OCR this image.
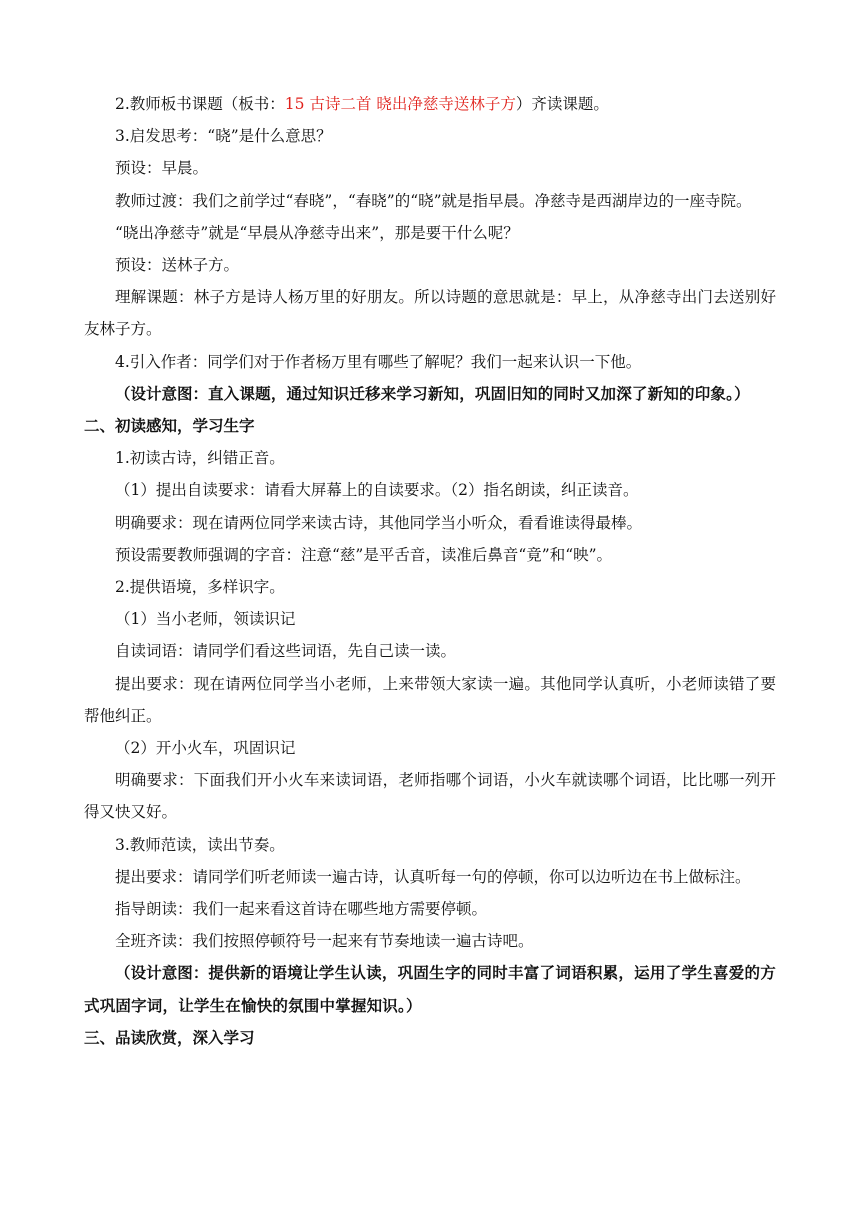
2.教师板书课题（板书：15 古诗二首 晓出净慈寺送林子方）齐读课题。

3.启发思考：“晓”是什么意思？

预设：早晨。

教师过渡：我们之前学过“春晓”，“春晓”的“晓”就是指早晨。净慈寺是西湖岸边的一座寺院。

“晓出净慈寺”就是“早晨从净慈寺出来”，那是要干什么呢？

预设：送林子方。

理解课题：林子方是诗人杨万里的好朋友。所以诗题的意思就是：早上，从净慈寺出门去送别好友林子方。

4.引入作者：同学们对于作者杨万里有哪些了解呢？我们一起来认识一下他。

（设计意图：直入课题，通过知识迁移来学习新知，巩固旧知的同时又加深了新知的印象。）

二、初读感知，学习生字

1.初读古诗，纠错正音。

（1）提出自读要求：请看大屏幕上的自读要求。（2）指名朗读，纠正读音。

明确要求：现在请两位同学来读古诗，其他同学当小听众，看看谁读得最棒。

预设需要教师强调的字音：注意“慈”是平舌音，读准后鼻音“竟”和“映”。

2.提供语境，多样识字。

（1）当小老师，领读识记

自读词语：请同学们看这些词语，先自己读一读。

提出要求：现在请两位同学当小老师，上来带领大家读一遍。其他同学认真听，小老师读错了要帮他纠正。

（2）开小火车，巩固识记

明确要求：下面我们开小火车来读词语，老师指哪个词语，小火车就读哪个词语，比比哪一列开得又快又好。

3.教师范读，读出节奏。

提出要求：请同学们听老师读一遍古诗，认真听每一句的停顿，你可以边听边在书上做标注。

指导朗读：我们一起来看这首诗在哪些地方需要停顿。

全班齐读：我们按照停顿符号一起来有节奏地读一遍古诗吧。

（设计意图：提供新的语境让学生认读，巩固生字的同时丰富了词语积累，运用了学生喜爱的方式巩固字词，让学生在愉快的氛围中掌握知识。）

三、品读欣赏，深入学习
